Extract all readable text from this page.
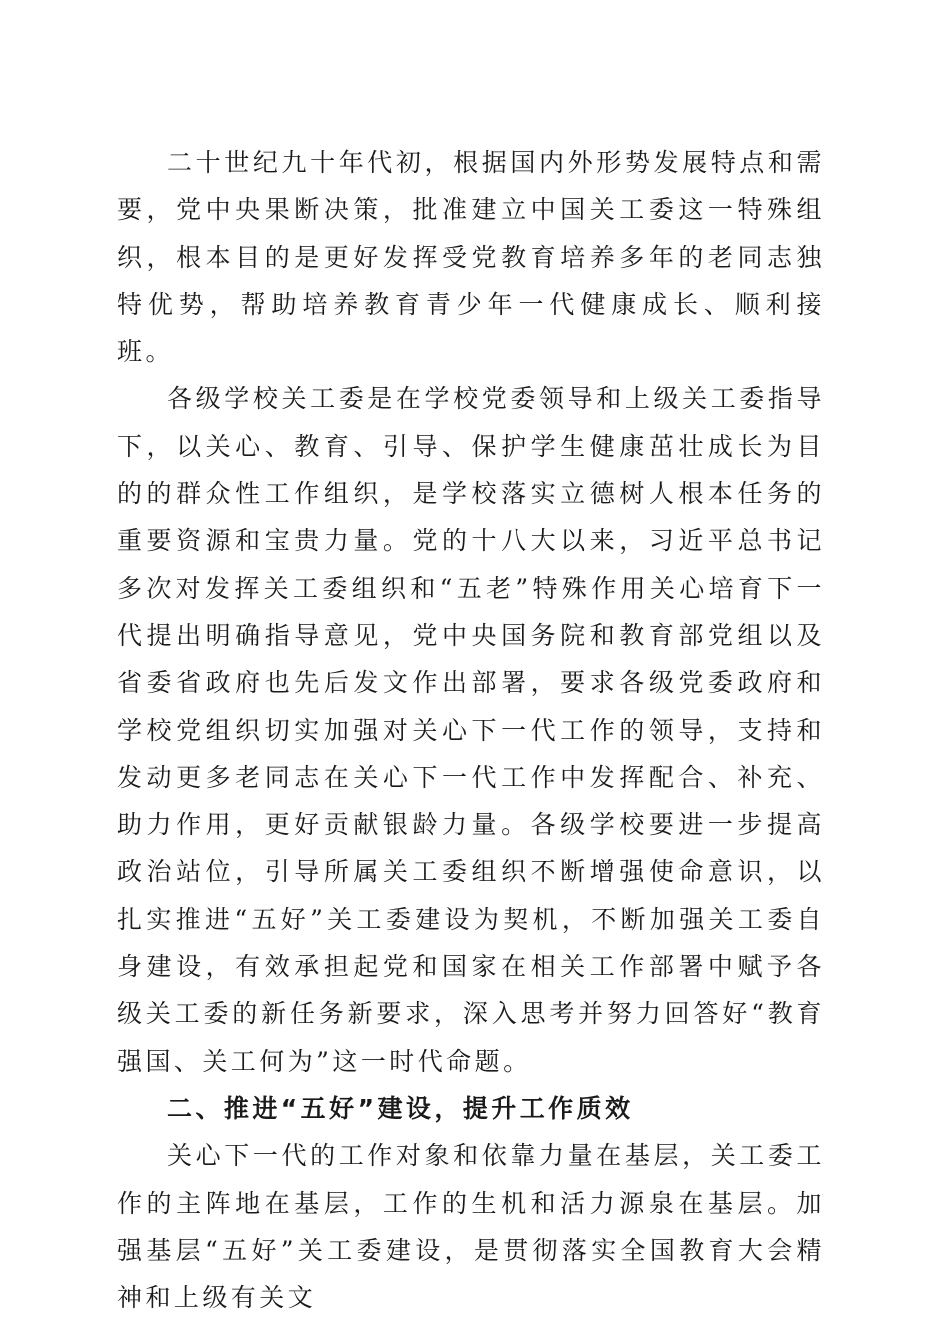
二十世纪九十年代初，根据国内外形势发展特点和需要，党中央果断决策，批准建立中国关工委这一特殊组织，根本目的是更好发挥受党教育培养多年的老同志独特优势，帮助培养教育青少年一代健康成长、顺利接班。

各级学校关工委是在学校党委领导和上级关工委指导下，以关心、教育、引导、保护学生健康茁壮成长为目的的群众性工作组织，是学校落实立德树人根本任务的重要资源和宝贵力量。党的十八大以来，习近平总书记多次对发挥关工委组织和“五老”特殊作用关心培育下一代提出明确指导意见，党中央国务院和教育部党组以及省委省政府也先后发文作出部署，要求各级党委政府和学校党组织切实加强对关心下一代工作的领导，支持和发动更多老同志在关心下一代工作中发挥配合、补充、助力作用，更好贡献银龄力量。各级学校要进一步提高政治站位，引导所属关工委组织不断增强使命意识，以扎实推进“五好”关工委建设为契机，不断加强关工委自身建设，有效承担起党和国家在相关工作部署中赋予各级关工委的新任务新要求，深入思考并努力回答好“教育强国、关工何为”这一时代命题。

二、推进“五好”建设，提升工作质效

关心下一代的工作对象和依靠力量在基层，关工委工作的主阵地在基层，工作的生机和活力源泉在基层。加强基层“五好”关工委建设，是贯彻落实全国教育大会精神和上级有关文
